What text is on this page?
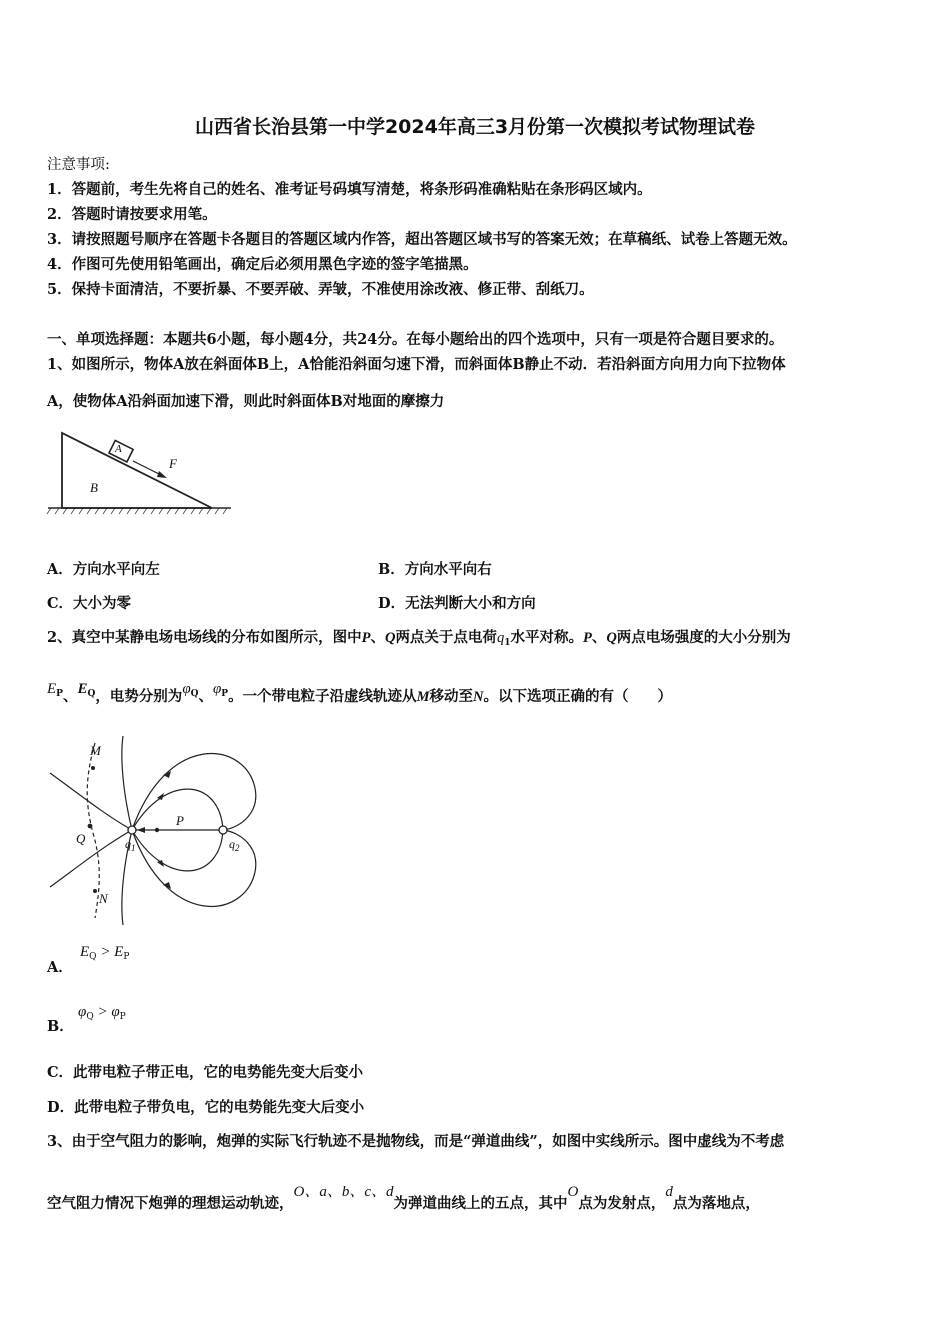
山西省长治县第一中学2024年高三3月份第一次模拟考试物理试卷
注意事项:
1．答题前，考生先将自己的姓名、准考证号码填写清楚，将条形码准确粘贴在条形码区域内。
2．答题时请按要求用笔。
3．请按照题号顺序在答题卡各题目的答题区域内作答，超出答题区域书写的答案无效；在草稿纸、试卷上答题无效。
4．作图可先使用铅笔画出，确定后必须用黑色字迹的签字笔描黑。
5．保持卡面清洁，不要折暴、不要弄破、弄皱，不准使用涂改液、修正带、刮纸刀。
一、单项选择题：本题共6小题，每小题4分，共24分。在每小题给出的四个选项中，只有一项是符合题目要求的。
1、如图所示，物体A放在斜面体B上，A恰能沿斜面匀速下滑，而斜面体B静止不动．若沿斜面方向用力向下拉物体
A，使物体A沿斜面加速下滑，则此时斜面体B对地面的摩擦力
A
B
F
A．方向水平向左	B．方向水平向右
C．大小为零	D．无法判断大小和方向
2、真空中某静电场电场线的分布如图所示，图中P、Q两点关于点电荷$q_1$水平对称。P、Q两点电场强度的大小分别为
$E_P$、$E_Q$，电势分别为$\varphi_Q$、$\varphi_P$。一个带电粒子沿虚线轨迹从M移动至N。以下选项正确的有（　　）
M
N
P
Q	$q_1$	$q_2$
A．
$E_Q > E_P$
B．
$\varphi_Q > \varphi_P$
C．此带电粒子带正电，它的电势能先变大后变小
D．此带电粒子带负电，它的电势能先变大后变小
3、由于空气阻力的影响，炮弹的实际飞行轨迹不是抛物线，而是“弹道曲线”，如图中实线所示。图中虚线为不考虑
空气阻力情况下炮弹的理想运动轨迹，O、a、b、c、d为弹道曲线上的五点，其中O点为发射点，d点为落地点，
